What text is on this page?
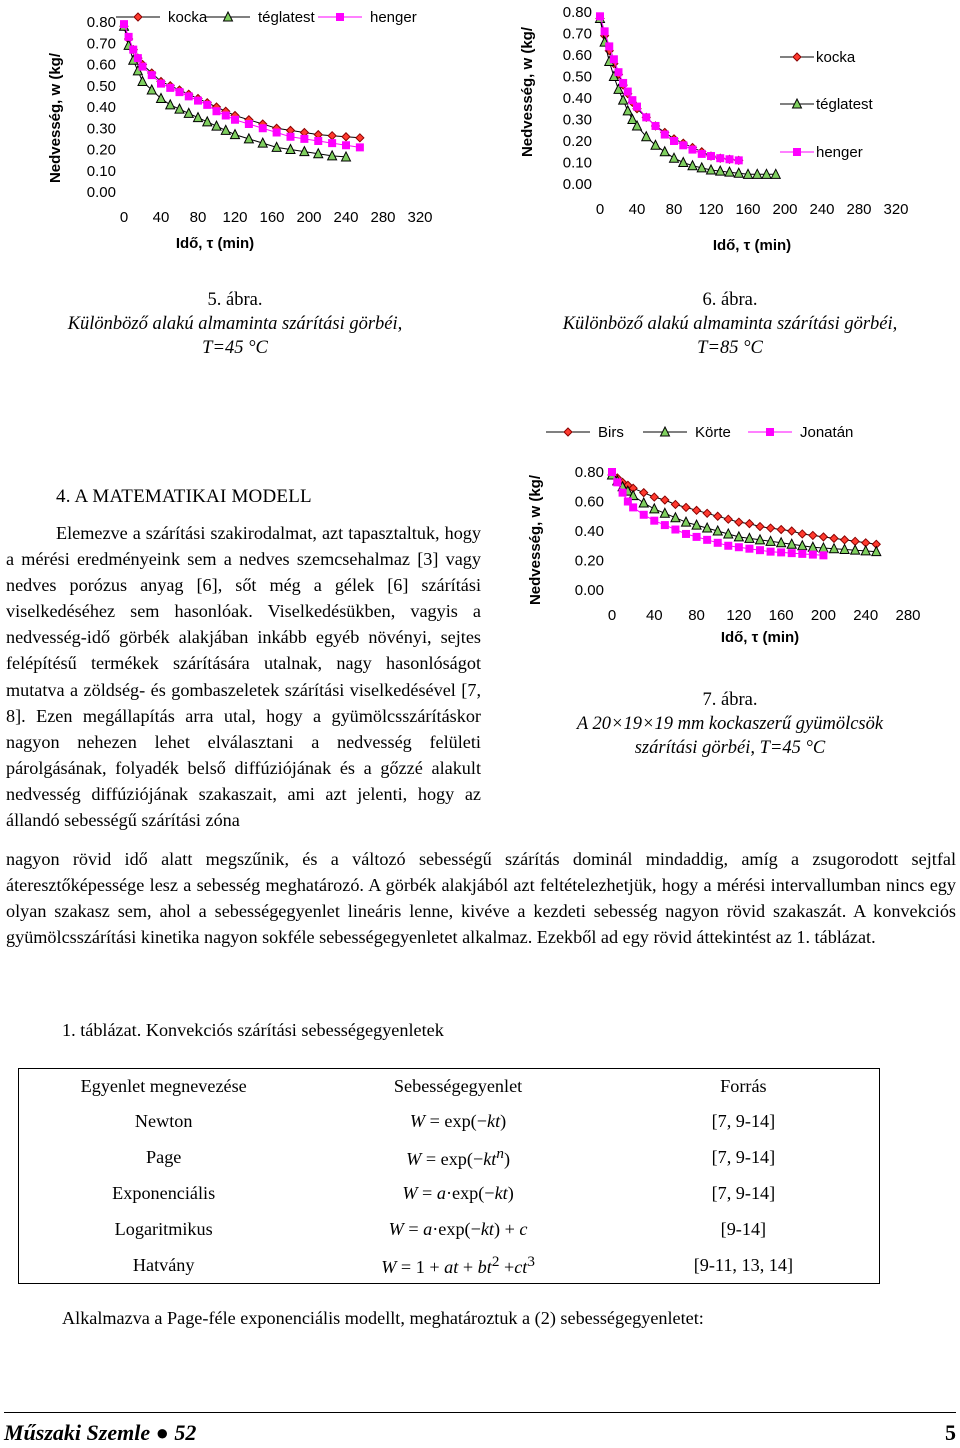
Nedvesség, w (kg/
Idő, τ (min)
0.00
0.10
0.20
0.30
0.40
0.50
0.60
0.70
0.80
0 40 80 120 160 200 240 280 320
kocka	téglatest	henger
Nedvesség, w (kg/
Idő, τ (min)
0.00
0.10
0.20
0.30
0.40
0.50
0.60
0.70
0.80
0 40 80 120 160 200 240 280 320
kocka
téglatest
henger
Nedvesség, w (kg/
Idő, τ (min)
0.00
0.20
0.40
0.60
0.80
0 40 80 120 160 200 240 280
Birs	Körte	Jonatán
5. ábra.
Különböző alakú almaminta szárítási görbéi,
T=45 °C
6. ábra.
Különböző alakú almaminta szárítási görbéi,
T=85 °C
7. ábra.
A 20×19×19 mm kockaszerű gyümölcsök
szárítási görbéi, T=45 °C
4. A MATEMATIKAI MODELL

Elemezve a szárítási szakirodalmat, azt tapasztaltuk, hogy a mérési eredményeink sem a nedves szemcsehalmaz [3] vagy nedves porózus anyag [6], sőt még a gélek [6] szárítási viselkedéséhez sem hasonlóak. Viselkedésükben, vagyis a nedvesség-idő görbék alakjában inkább egyéb növényi, sejtes felépítésű termékek szárítására utalnak, nagy hasonlóságot mutatva a zöldség- és gombaszeletek szárítási viselkedésével [7, 8]. Ezen megállapítás arra utal, hogy a gyümölcsszárításkor nagyon nehezen lehet elválasztani a nedvesség felületi párolgásának, folyadék belső diffúziójának és a gőzzé alakult nedvesség diffúziójának szakaszait, ami azt jelenti, hogy az állandó sebességű szárítási zóna

nagyon rövid idő alatt megszűnik, és a változó sebességű szárítás dominál mindaddig, amíg a zsugorodott sejtfal áteresztőképessége lesz a sebesség meghatározó. A görbék alakjából azt feltételezhetjük, hogy a mérési intervallumban nincs egy olyan szakasz sem, ahol a sebességegyenlet lineáris lenne, kivéve a kezdeti sebesség nagyon rövid szakaszát. A konvekciós gyümölcsszárítási kinetika nagyon sokféle sebességegyenletet alkalmaz. Ezekből ad egy rövid áttekintést az 1. táblázat.

1. táblázat. Konvekciós szárítási sebességegyenletek
Egyenlet megnevezése	Sebességegyenlet	Forrás
Newton	W = exp(−kt)	[7, 9-14]
Page	$W = \exp(-kt^n)$	[7, 9-14]
Exponenciális	W = a·exp(−kt)	[7, 9-14]
Logaritmikus	W = a·exp(−kt) + c	[9-14]
Hatvány	W = 1 + at + $bt^2 +ct^3$	[9-11, 13, 14]
Alkalmazva a Page-féle exponenciális modellt, meghatároztuk a (2) sebességegyenletet:
Műszaki Szemle ● 52	5
